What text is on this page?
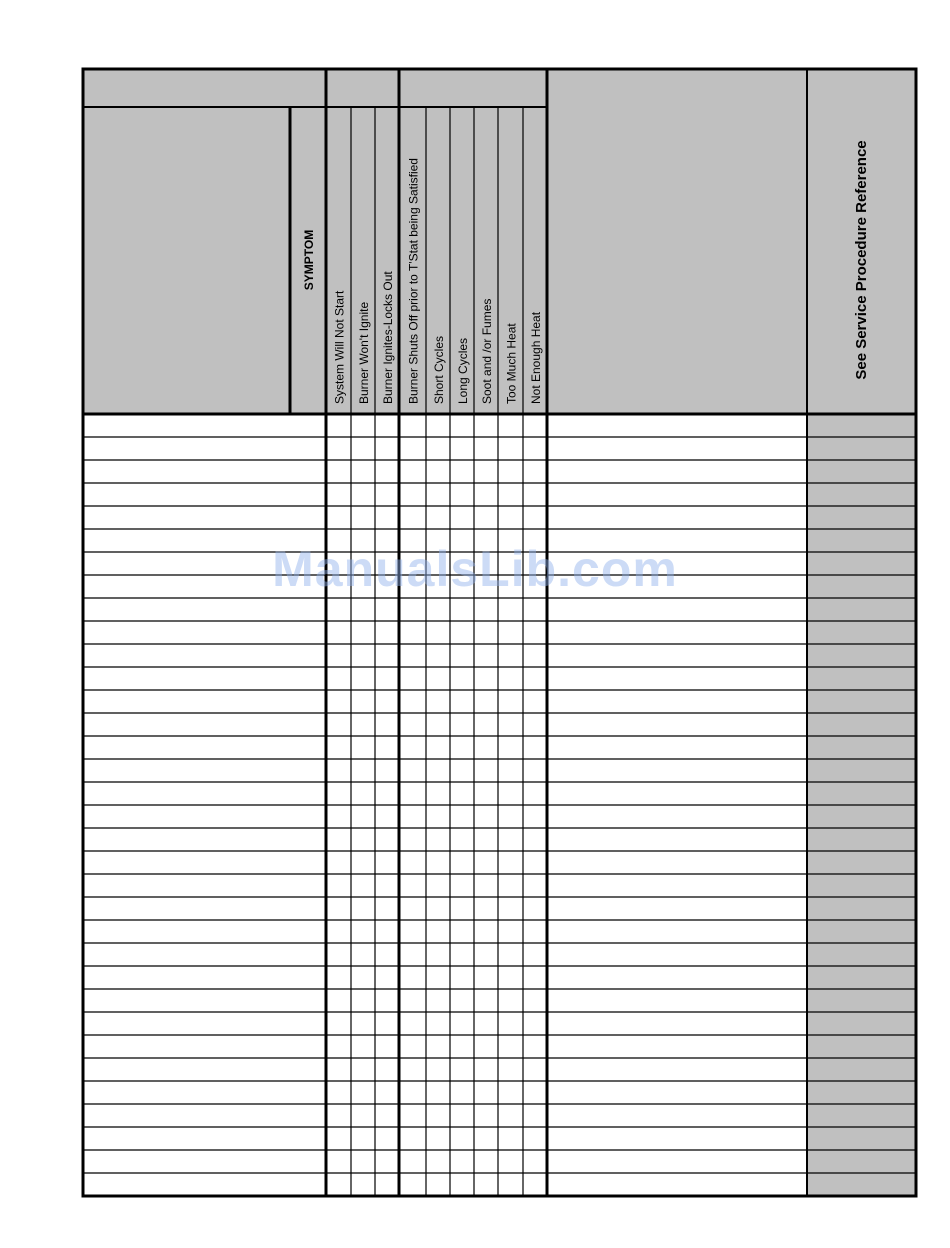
System Will Not Start Burner Won't Ignite Burner Ignites-Locks Out Burner Shuts Off prior to T'Stat being Satisfied Short Cycles Long Cycles Soot and /or Fumes Too Much Heat Not Enough Heat
SYMPTOM	See Service Procedure Reference
ManualsLib.com
